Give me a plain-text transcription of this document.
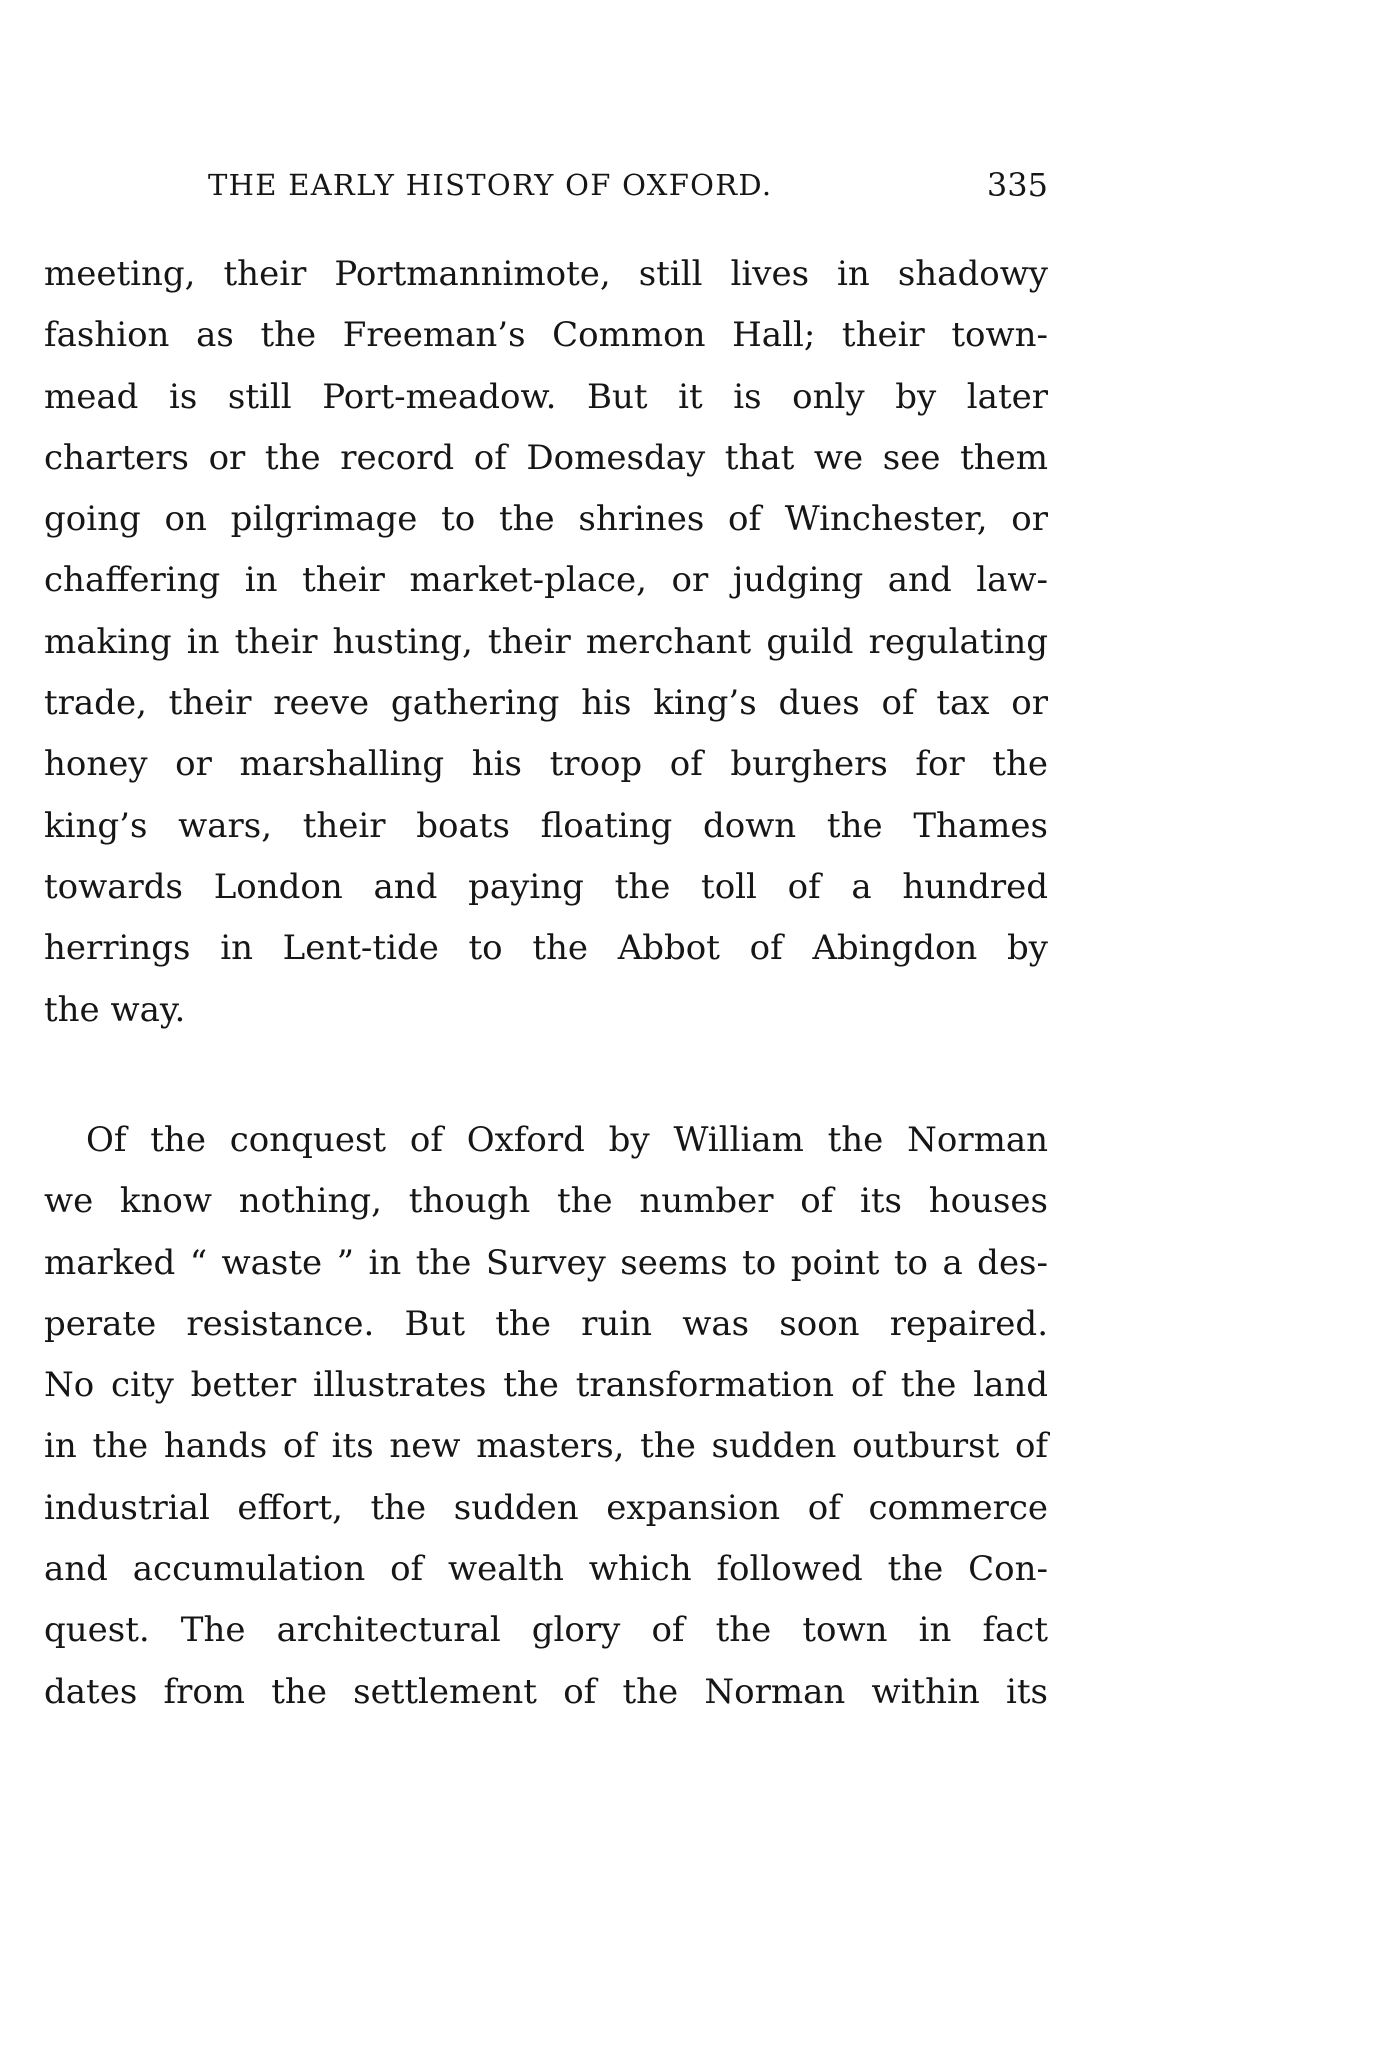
THE EARLY HISTORY OF OXFORD.	335
meeting, their Portmannimote, still lives in shadowy
fashion as the Freeman’s Common Hall; their town-
mead is still Port-meadow. But it is only by later
charters or the record of Domesday that we see them
going on pilgrimage to the shrines of Winchester, or
chaffering in their market-place, or judging and law-
making in their husting, their merchant guild regulating
trade, their reeve gathering his king’s dues of tax or
honey or marshalling his troop of burghers for the
king’s wars, their boats floating down the Thames
towards London and paying the toll of a hundred
herrings in Lent-tide to the Abbot of Abingdon by
the way.
Of the conquest of Oxford by William the Norman
we know nothing, though the number of its houses
marked “ waste ” in the Survey seems to point to a des-
perate resistance. But the ruin was soon repaired.
No city better illustrates the transformation of the land
in the hands of its new masters, the sudden outburst of
industrial effort, the sudden expansion of commerce
and accumulation of wealth which followed the Con-
quest. The architectural glory of the town in fact
dates from the settlement of the Norman within its
